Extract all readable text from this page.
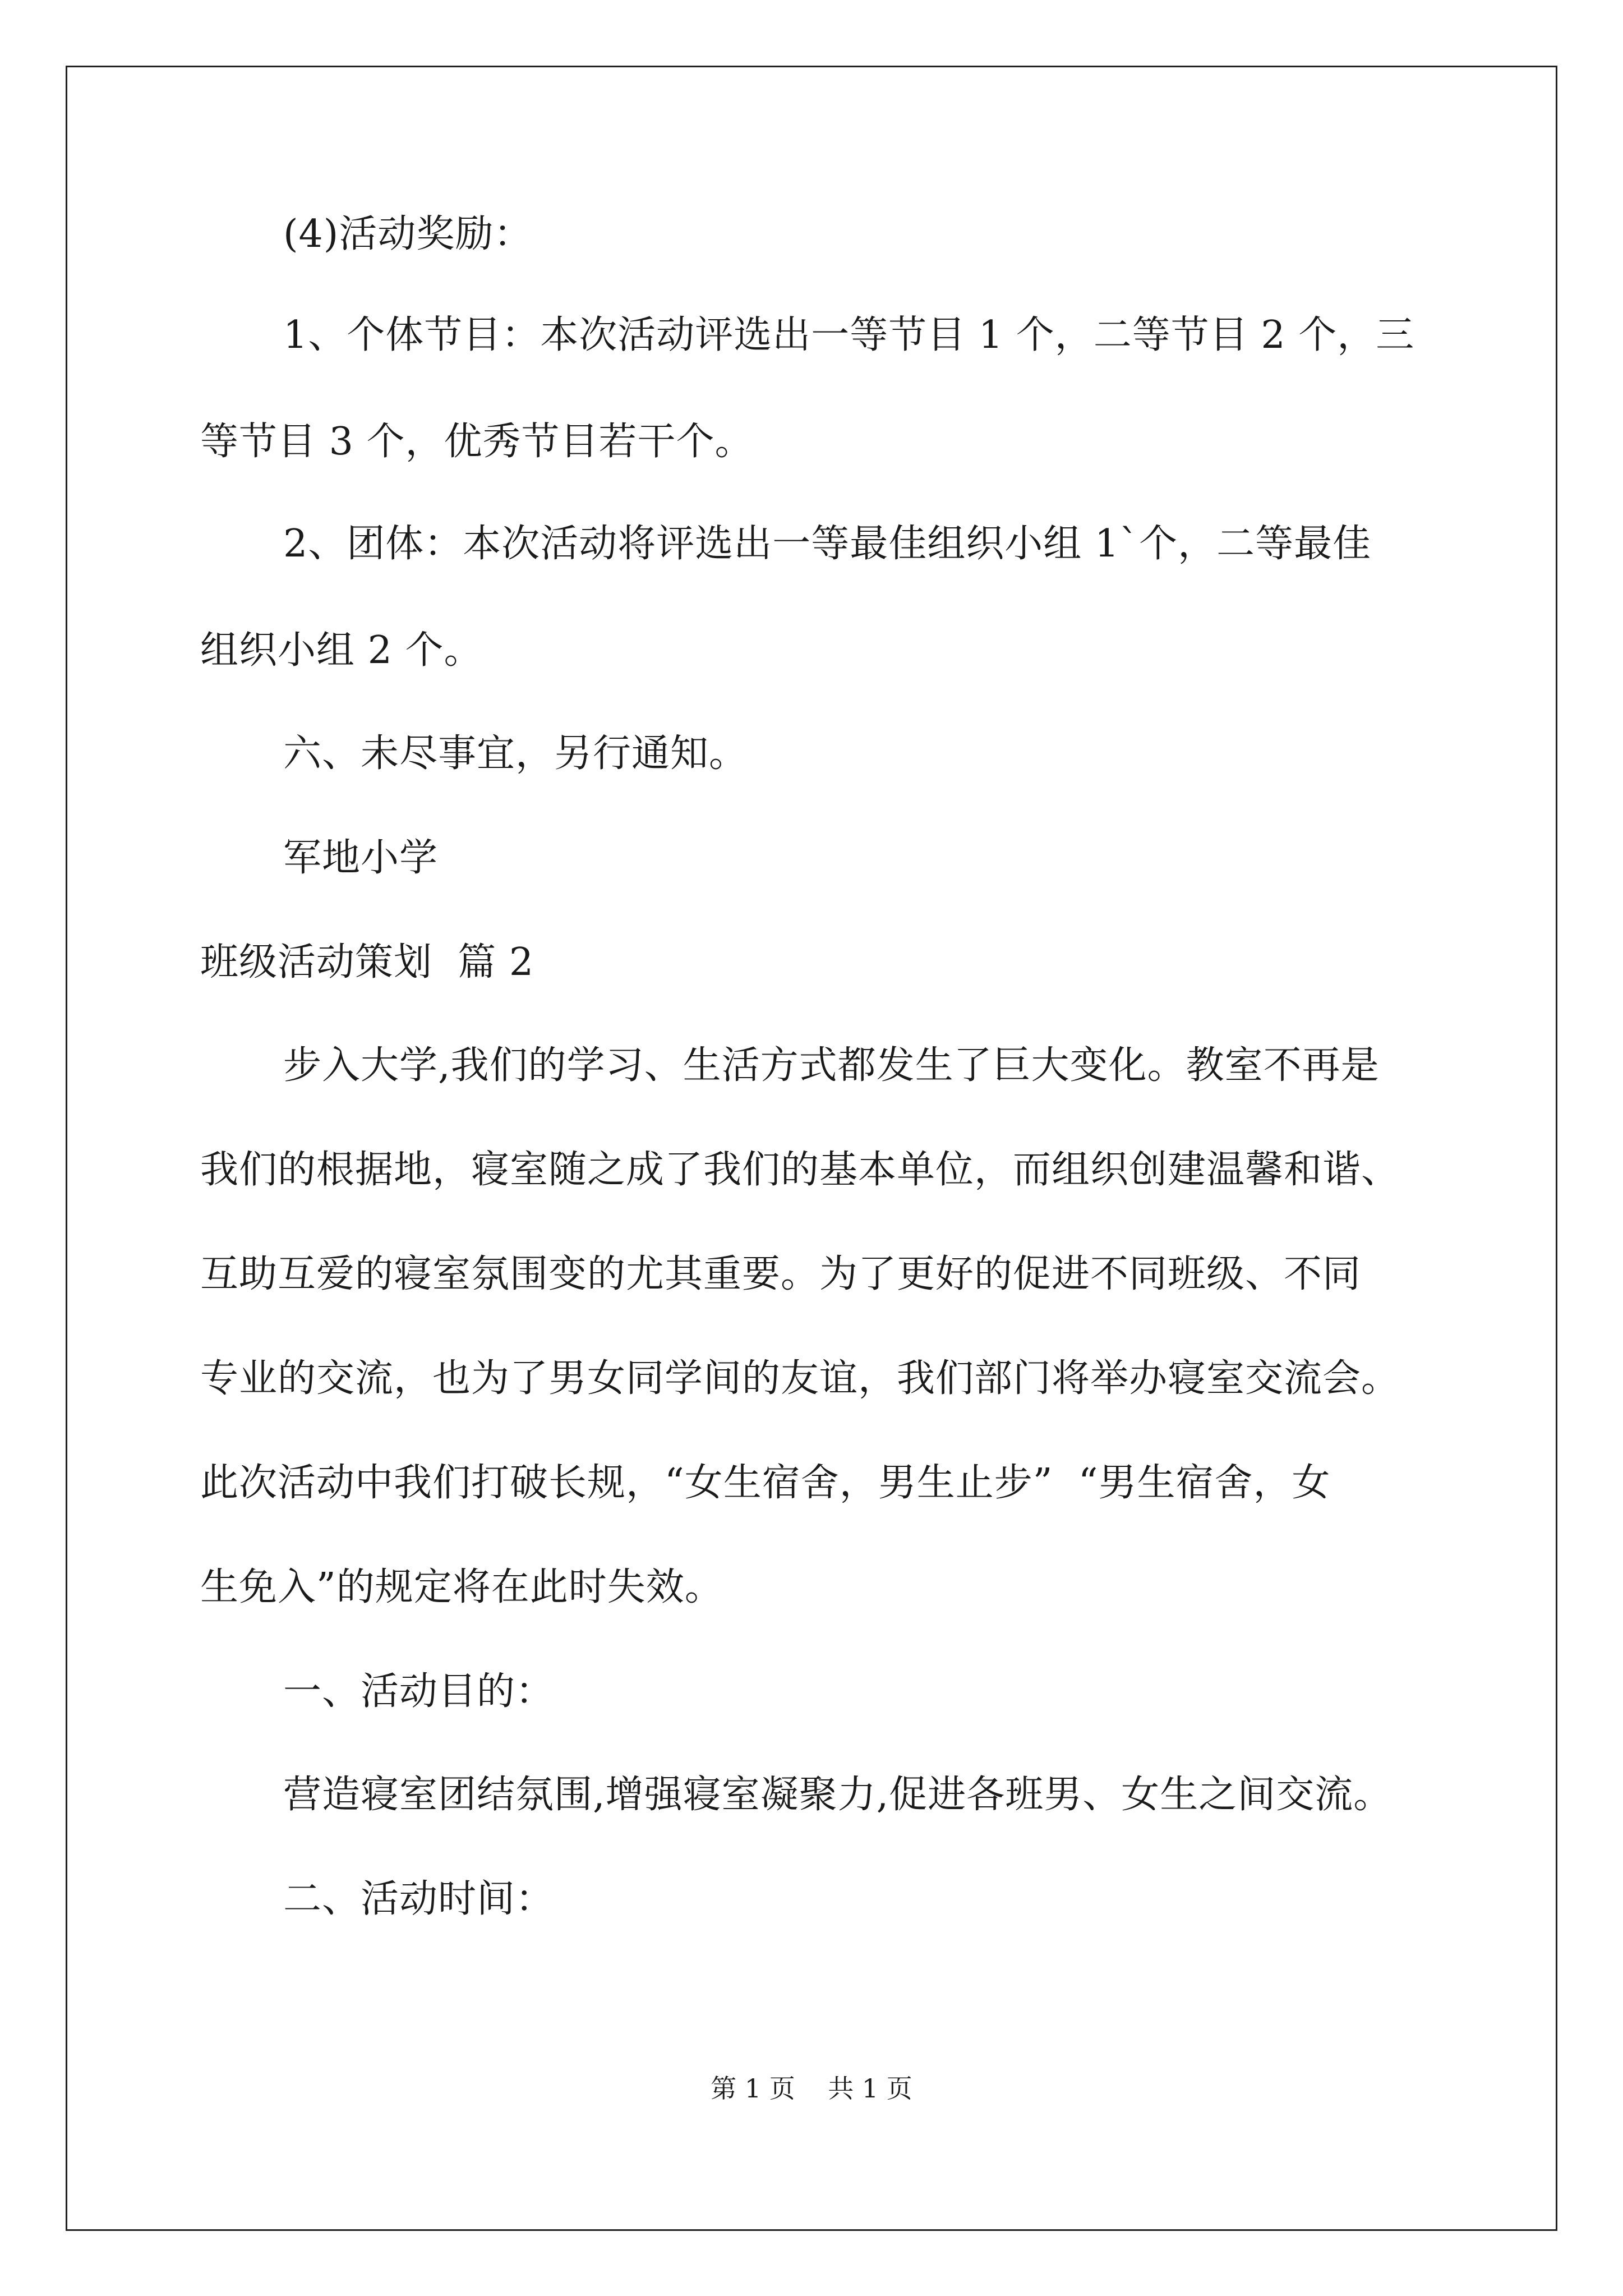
(4)活动奖励：
1、个体节目：本次活动评选出一等节目 1 个，二等节目 2 个，三
等节目 3 个，优秀节目若干个。
2、团体：本次活动将评选出一等最佳组织小组 1`个，二等最佳
组织小组 2 个。
六、未尽事宜，另行通知。
军地小学
班级活动策划  篇 2
步入大学,我们的学习、生活方式都发生了巨大变化。教室不再是
我们的根据地，寝室随之成了我们的基本单位，而组织创建温馨和谐、
互助互爱的寝室氛围变的尤其重要。为了更好的促进不同班级、不同
专业的交流，也为了男女同学间的友谊，我们部门将举办寝室交流会。
此次活动中我们打破长规，“女生宿舍，男生止步”  “男生宿舍，女
生免入”的规定将在此时失效。
一、活动目的：
营造寝室团结氛围,增强寝室凝聚力,促进各班男、女生之间交流。
二、活动时间：
第 1 页    共 1 页
